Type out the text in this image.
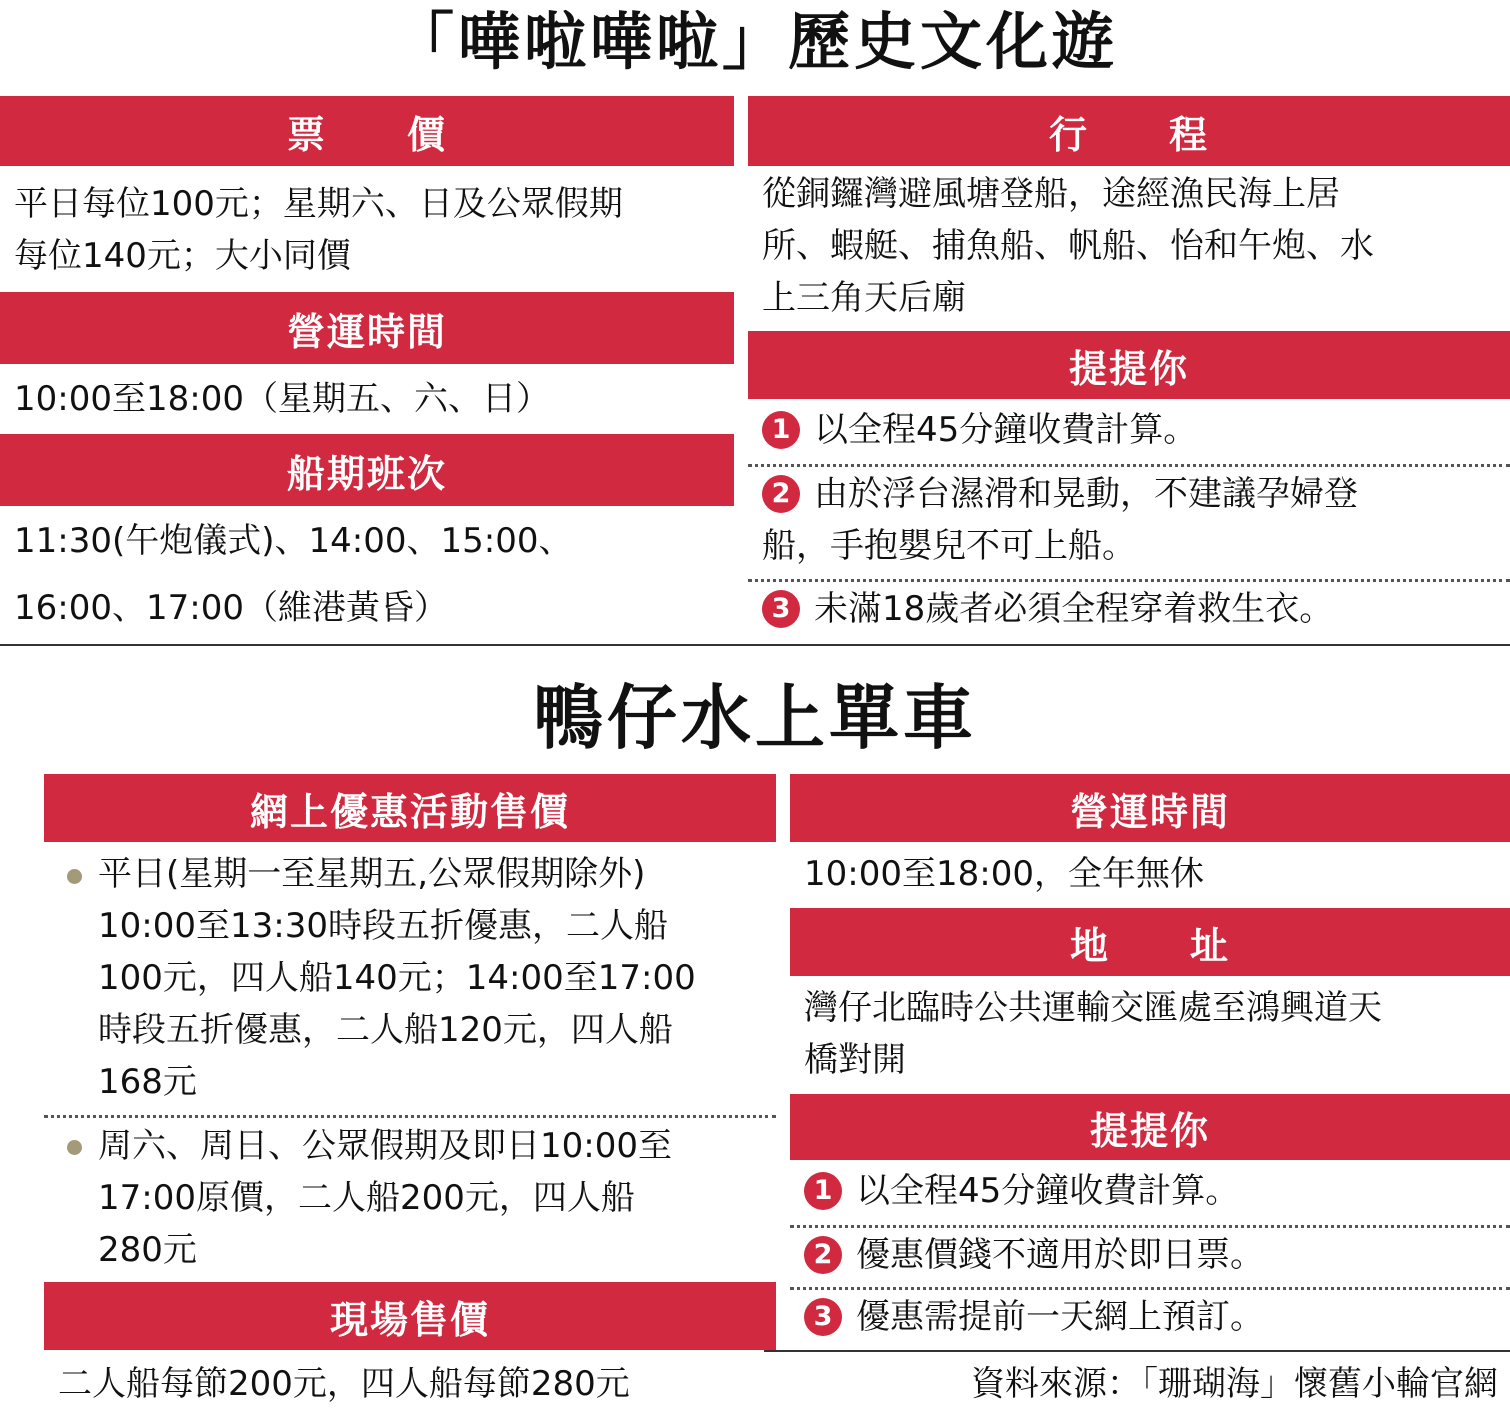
「嘩啦嘩啦」歷史文化遊
票　　價
平日每位100元；星期六、日及公眾假期
每位140元；大小同價
營運時間
10:00至18:00（星期五、六、日）
船期班次
11:30(午炮儀式)、14:00、15:00、
16:00、17:00（維港黃昏）
行　　程
從銅鑼灣避風塘登船，途經漁民海上居
所、蝦艇、捕魚船、帆船、怡和午炮、水
上三角天后廟
提提你
1 以全程45分鐘收費計算。
2 由於浮台濕滑和晃動，不建議孕婦登
船，手抱嬰兒不可上船。
3 未滿18歲者必須全程穿着救生衣。
鴨仔水上單車
網上優惠活動售價
平日(星期一至星期五,公眾假期除外)
10:00至13:30時段五折優惠，二人船
100元，四人船140元；14:00至17:00
時段五折優惠，二人船120元，四人船
168元
周六、周日、公眾假期及即日10:00至
17:00原價，二人船200元，四人船
280元
現場售價
二人船每節200元，四人船每節280元
營運時間
10:00至18:00，全年無休
地　　址
灣仔北臨時公共運輸交匯處至鴻興道天
橋對開
提提你
1 以全程45分鐘收費計算。
2 優惠價錢不適用於即日票。
3 優惠需提前一天網上預訂。
資料來源：「珊瑚海」懷舊小輪官網
